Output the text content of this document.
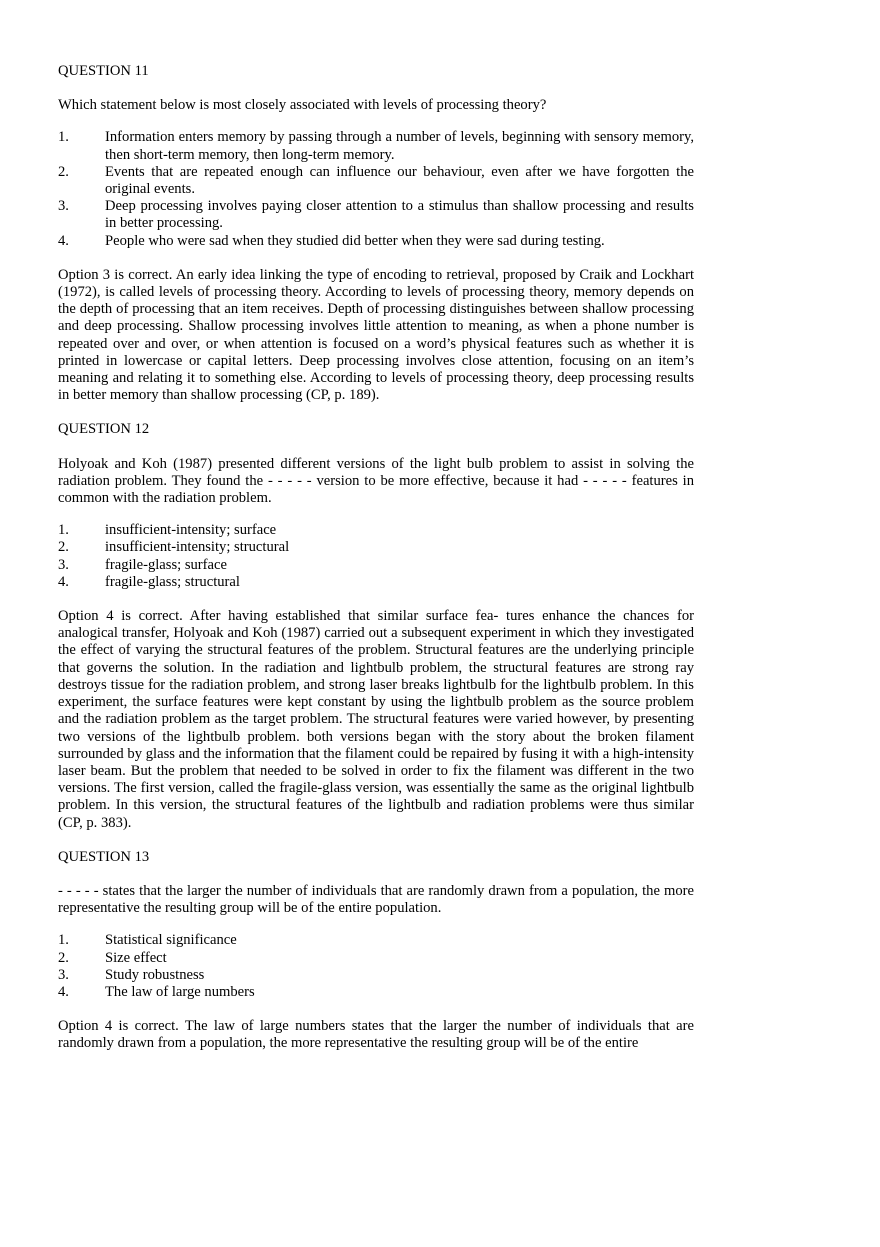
QUESTION 11

Which statement below is most closely associated with levels of processing theory?

1. Information enters memory by passing through a number of levels, beginning with sensory memory, then short-term memory, then long-term memory.
2. Events that are repeated enough can influence our behaviour, even after we have forgotten the original events.
3. Deep processing involves paying closer attention to a stimulus than shallow processing and results in better processing.
4. People who were sad when they studied did better when they were sad during testing.

Option 3 is correct. An early idea linking the type of encoding to retrieval, proposed by Craik and Lockhart (1972), is called levels of processing theory. According to levels of processing theory, memory depends on the depth of processing that an item receives. Depth of processing distinguishes between shallow processing and deep processing. Shallow processing involves little attention to meaning, as when a phone number is repeated over and over, or when attention is focused on a word’s physical features such as whether it is printed in lowercase or capital letters. Deep processing involves close attention, focusing on an item’s meaning and relating it to something else. According to levels of processing theory, deep processing results in better memory than shallow processing (CP, p. 189).

QUESTION 12

Holyoak and Koh (1987) presented different versions of the light bulb problem to assist in solving the radiation problem. They found the - - - - - version to be more effective, because it had - - - - - features in common with the radiation problem.

1. insufficient-intensity; surface
2. insufficient-intensity; structural
3. fragile-glass; surface
4. fragile-glass; structural

Option 4 is correct. After having established that similar surface fea- tures enhance the chances for analogical transfer, Holyoak and Koh (1987) carried out a subsequent experiment in which they investigated the effect of varying the structural features of the problem. Structural features are the underlying principle that governs the solution. In the radiation and lightbulb problem, the structural features are strong ray destroys tissue for the radiation problem, and strong laser breaks lightbulb for the lightbulb problem. In this experiment, the surface features were kept constant by using the lightbulb problem as the source problem and the radiation problem as the target problem. The structural features were varied however, by presenting two versions of the lightbulb problem. both versions began with the story about the broken filament surrounded by glass and the information that the filament could be repaired by fusing it with a high-intensity laser beam. But the problem that needed to be solved in order to fix the filament was different in the two versions. The first version, called the fragile-glass version, was essentially the same as the original lightbulb problem. In this version, the structural features of the lightbulb and radiation problems were thus similar (CP, p. 383).

QUESTION 13

- - - - - states that the larger the number of individuals that are randomly drawn from a population, the more representative the resulting group will be of the entire population.

1. Statistical significance
2. Size effect
3. Study robustness
4. The law of large numbers

Option 4 is correct. The law of large numbers states that the larger the number of individuals that are randomly drawn from a population, the more representative the resulting group will be of the entire
